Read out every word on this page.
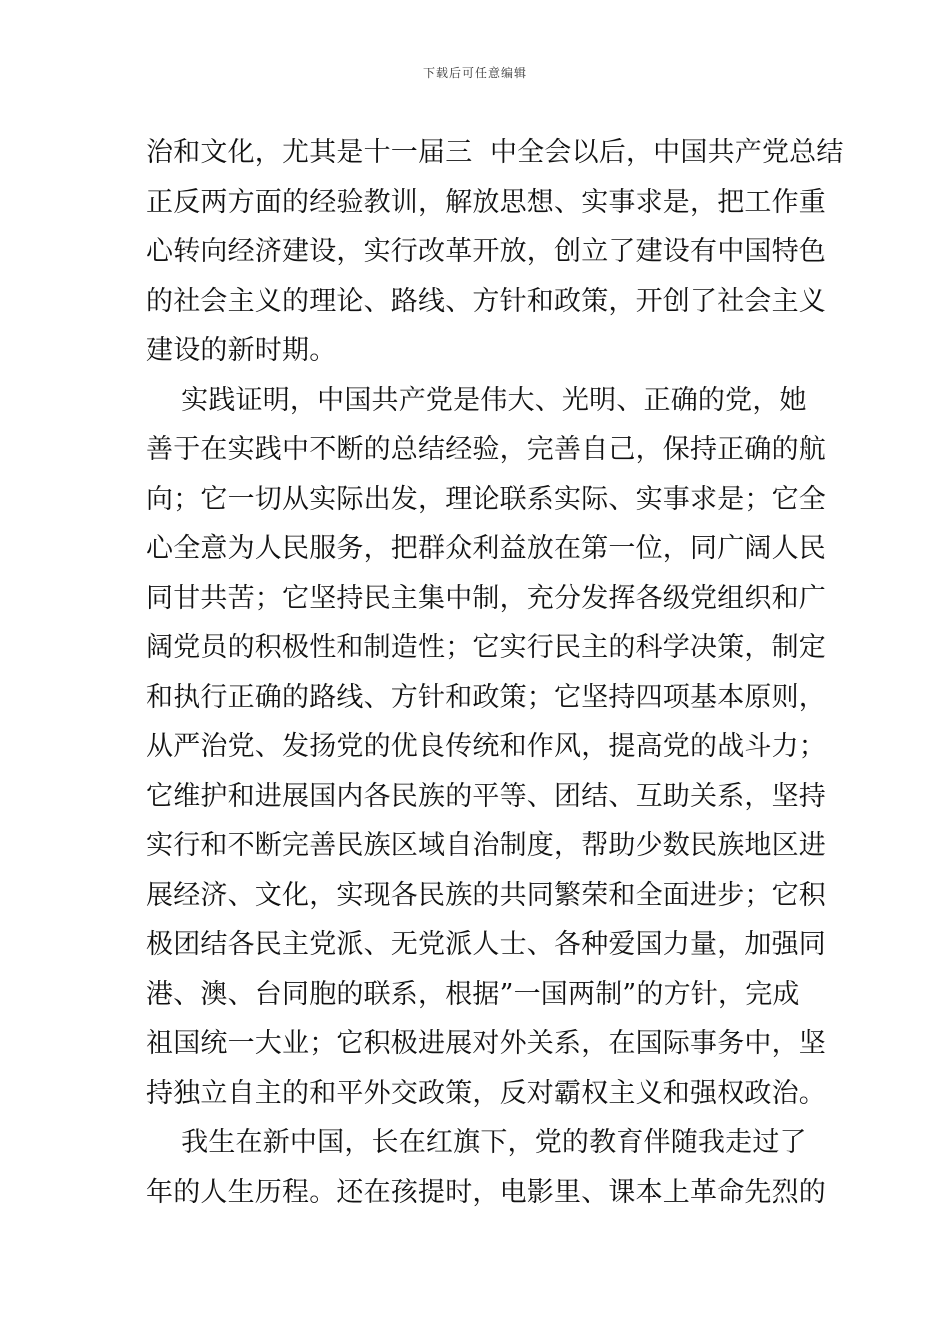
下载后可任意编辑
治和文化，尤其是十一届三  中全会以后，中国共产党总结
正反两方面的经验教训，解放思想、实事求是，把工作重
心转向经济建设，实行改革开放，创立了建设有中国特色
的社会主义的理论、路线、方针和政策，开创了社会主义
建设的新时期。
实践证明，中国共产党是伟大、光明、正确的党，她
善于在实践中不断的总结经验，完善自己，保持正确的航
向；它一切从实际出发，理论联系实际、实事求是；它全
心全意为人民服务，把群众利益放在第一位，同广阔人民
同甘共苦；它坚持民主集中制，充分发挥各级党组织和广
阔党员的积极性和制造性；它实行民主的科学决策，制定
和执行正确的路线、方针和政策；它坚持四项基本原则，
从严治党、发扬党的优良传统和作风，提高党的战斗力；
它维护和进展国内各民族的平等、团结、互助关系，坚持
实行和不断完善民族区域自治制度，帮助少数民族地区进
展经济、文化，实现各民族的共同繁荣和全面进步；它积
极团结各民主党派、无党派人士、各种爱国力量，加强同
港、澳、台同胞的联系，根据”一国两制”的方针，完成
祖国统一大业；它积极进展对外关系，在国际事务中，坚
持独立自主的和平外交政策，反对霸权主义和强权政治。
我生在新中国，长在红旗下，党的教育伴随我走过了
年的人生历程。还在孩提时，电影里、课本上革命先烈的
